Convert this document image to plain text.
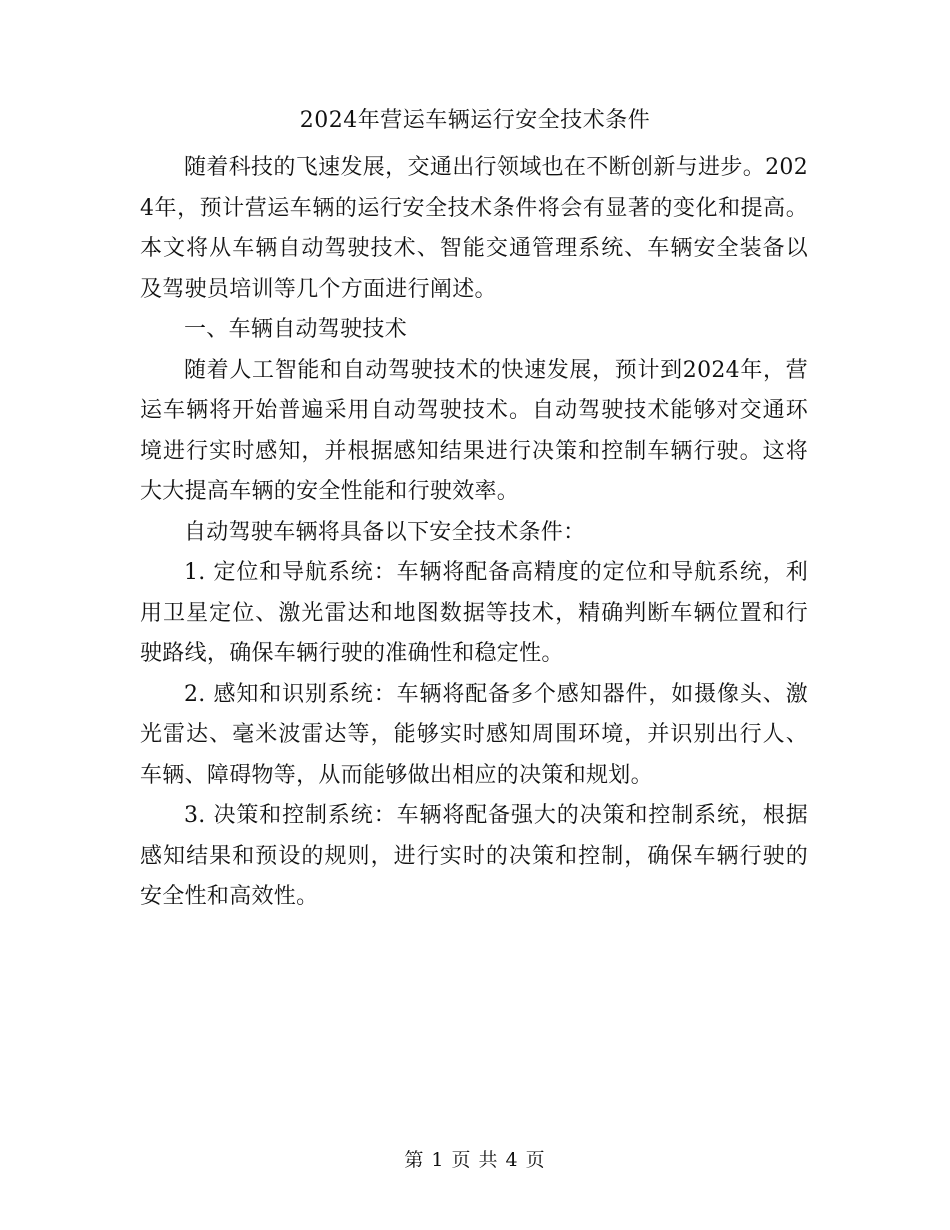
2024年营运车辆运行安全技术条件

随着科技的飞速发展，交通出行领域也在不断创新与进步。2024年，预计营运车辆的运行安全技术条件将会有显著的变化和提高。本文将从车辆自动驾驶技术、智能交通管理系统、车辆安全装备以及驾驶员培训等几个方面进行阐述。

一、车辆自动驾驶技术

随着人工智能和自动驾驶技术的快速发展，预计到2024年，营运车辆将开始普遍采用自动驾驶技术。自动驾驶技术能够对交通环境进行实时感知，并根据感知结果进行决策和控制车辆行驶。这将大大提高车辆的安全性能和行驶效率。

自动驾驶车辆将具备以下安全技术条件：

1. 定位和导航系统：车辆将配备高精度的定位和导航系统，利用卫星定位、激光雷达和地图数据等技术，精确判断车辆位置和行驶路线，确保车辆行驶的准确性和稳定性。

2. 感知和识别系统：车辆将配备多个感知器件，如摄像头、激光雷达、毫米波雷达等，能够实时感知周围环境，并识别出行人、车辆、障碍物等，从而能够做出相应的决策和规划。

3. 决策和控制系统：车辆将配备强大的决策和控制系统，根据感知结果和预设的规则，进行实时的决策和控制，确保车辆行驶的安全性和高效性。

第 1 页 共 4 页
